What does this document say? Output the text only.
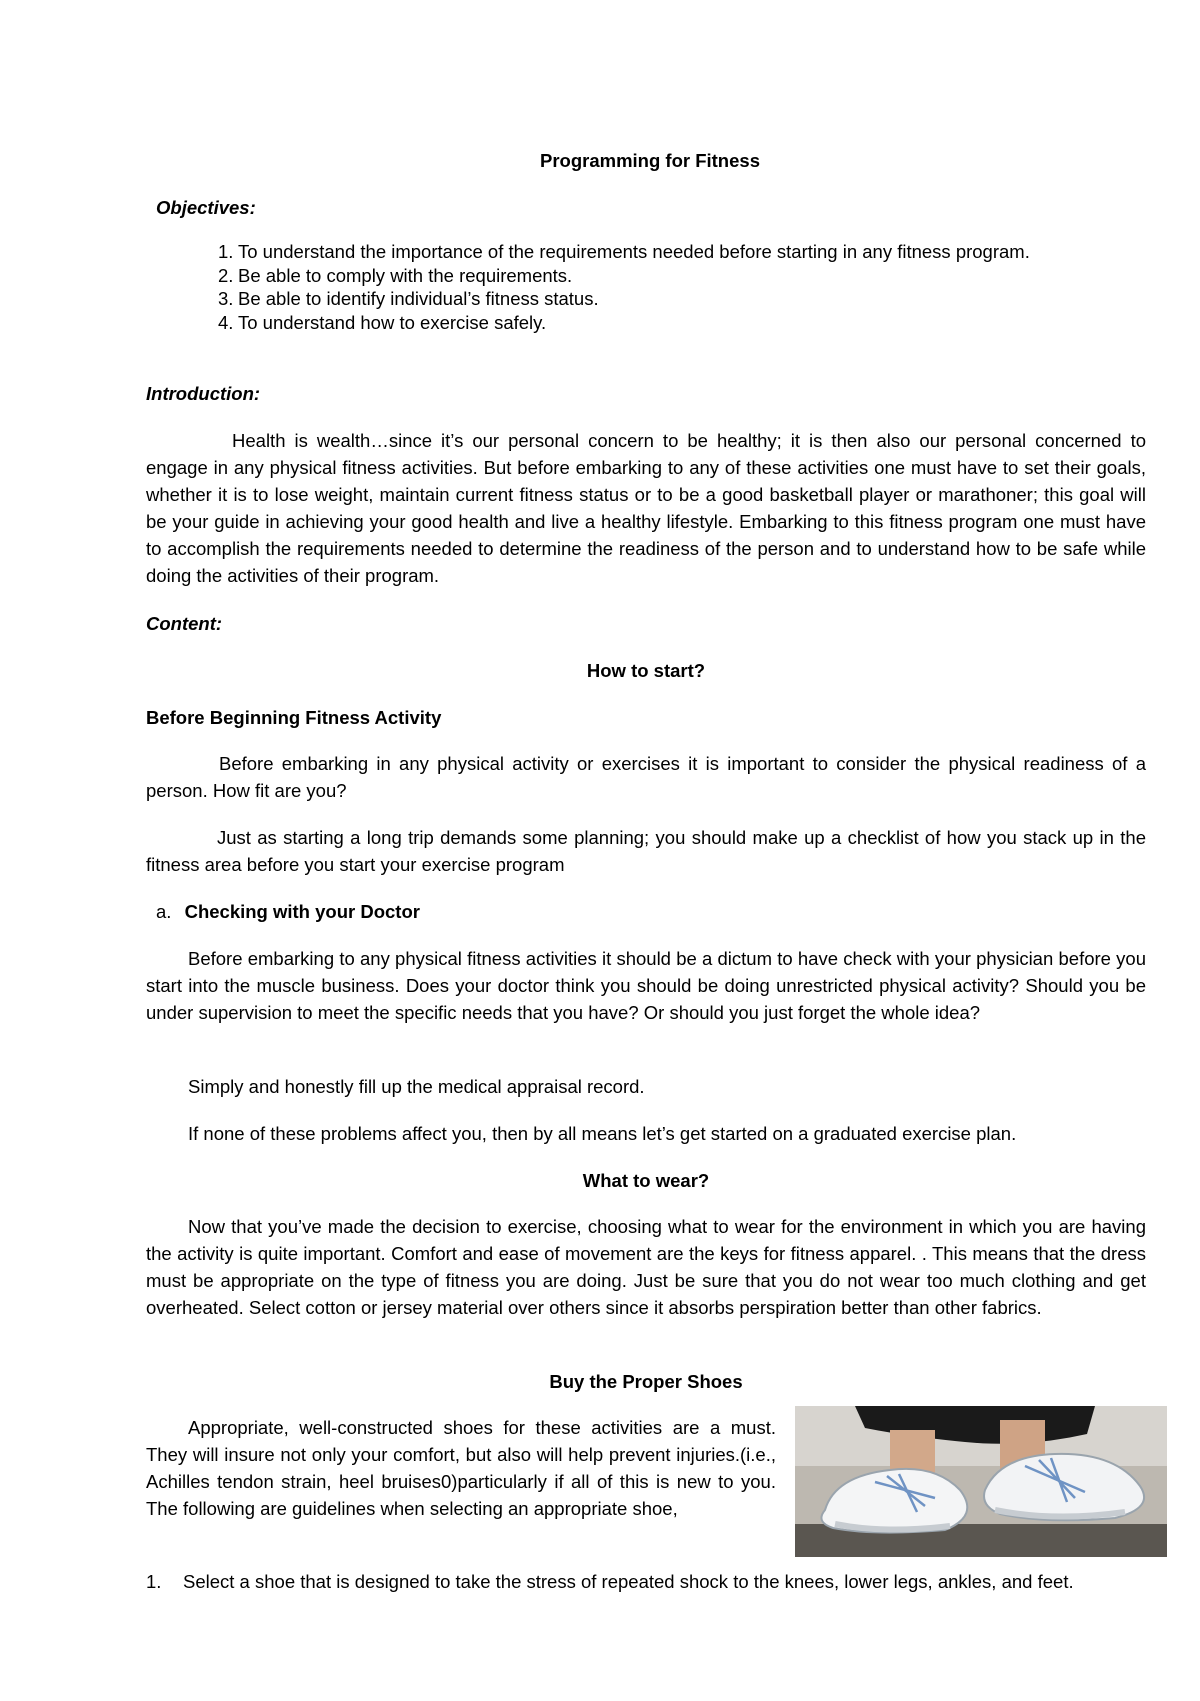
Programming for Fitness
Objectives:
1. To understand the importance of the requirements needed before starting in any fitness program.
2. Be able to comply with the requirements.
3. Be able to identify individual’s fitness status.
4. To understand how to exercise safely.
Introduction:

Health is wealth…since it’s our personal concern to be healthy; it is then also our personal concerned to engage in any physical fitness activities. But before embarking to any of these activities one must have to set their goals, whether it is to lose weight, maintain current fitness status or to be a good basketball player or marathoner; this goal will be your guide in achieving your good health and live a healthy lifestyle. Embarking to this fitness program one must have to accomplish the requirements needed to determine the readiness of the person and to understand how to be safe while doing the activities of their program.

Content:
How to start?
Before Beginning Fitness Activity

Before embarking in any physical activity or exercises it is important to consider the physical readiness of a person. How fit are you?

Just as starting a long trip demands some planning; you should make up a checklist of how you stack up in the fitness area before you start your exercise program

a. Checking with your Doctor

Before embarking to any physical fitness activities it should be a dictum to have check with your physician before you start into the muscle business. Does your doctor think you should be doing unrestricted physical activity? Should you be under supervision to meet the specific needs that you have? Or should you just forget the whole idea?

Simply and honestly fill up the medical appraisal record.

If none of these problems affect you, then by all means let’s get started on a graduated exercise plan.

What to wear?

Now that you’ve made the decision to exercise, choosing what to wear for the environment in which you are having the activity is quite important. Comfort and ease of movement are the keys for fitness apparel. . This means that the dress must be appropriate on the type of fitness you are doing. Just be sure that you do not wear too much clothing and get overheated. Select cotton or jersey material over others since it absorbs perspiration better than other fabrics.

Buy the Proper Shoes

Appropriate, well-constructed shoes for these activities are a must. They will insure not only your comfort, but also will help prevent injuries.(i.e., Achilles tendon strain, heel bruises0)particularly if all of this is new to you. The following are guidelines when selecting an appropriate shoe,

1. Select a shoe that is designed to take the stress of repeated shock to the knees, lower legs, ankles, and feet.
